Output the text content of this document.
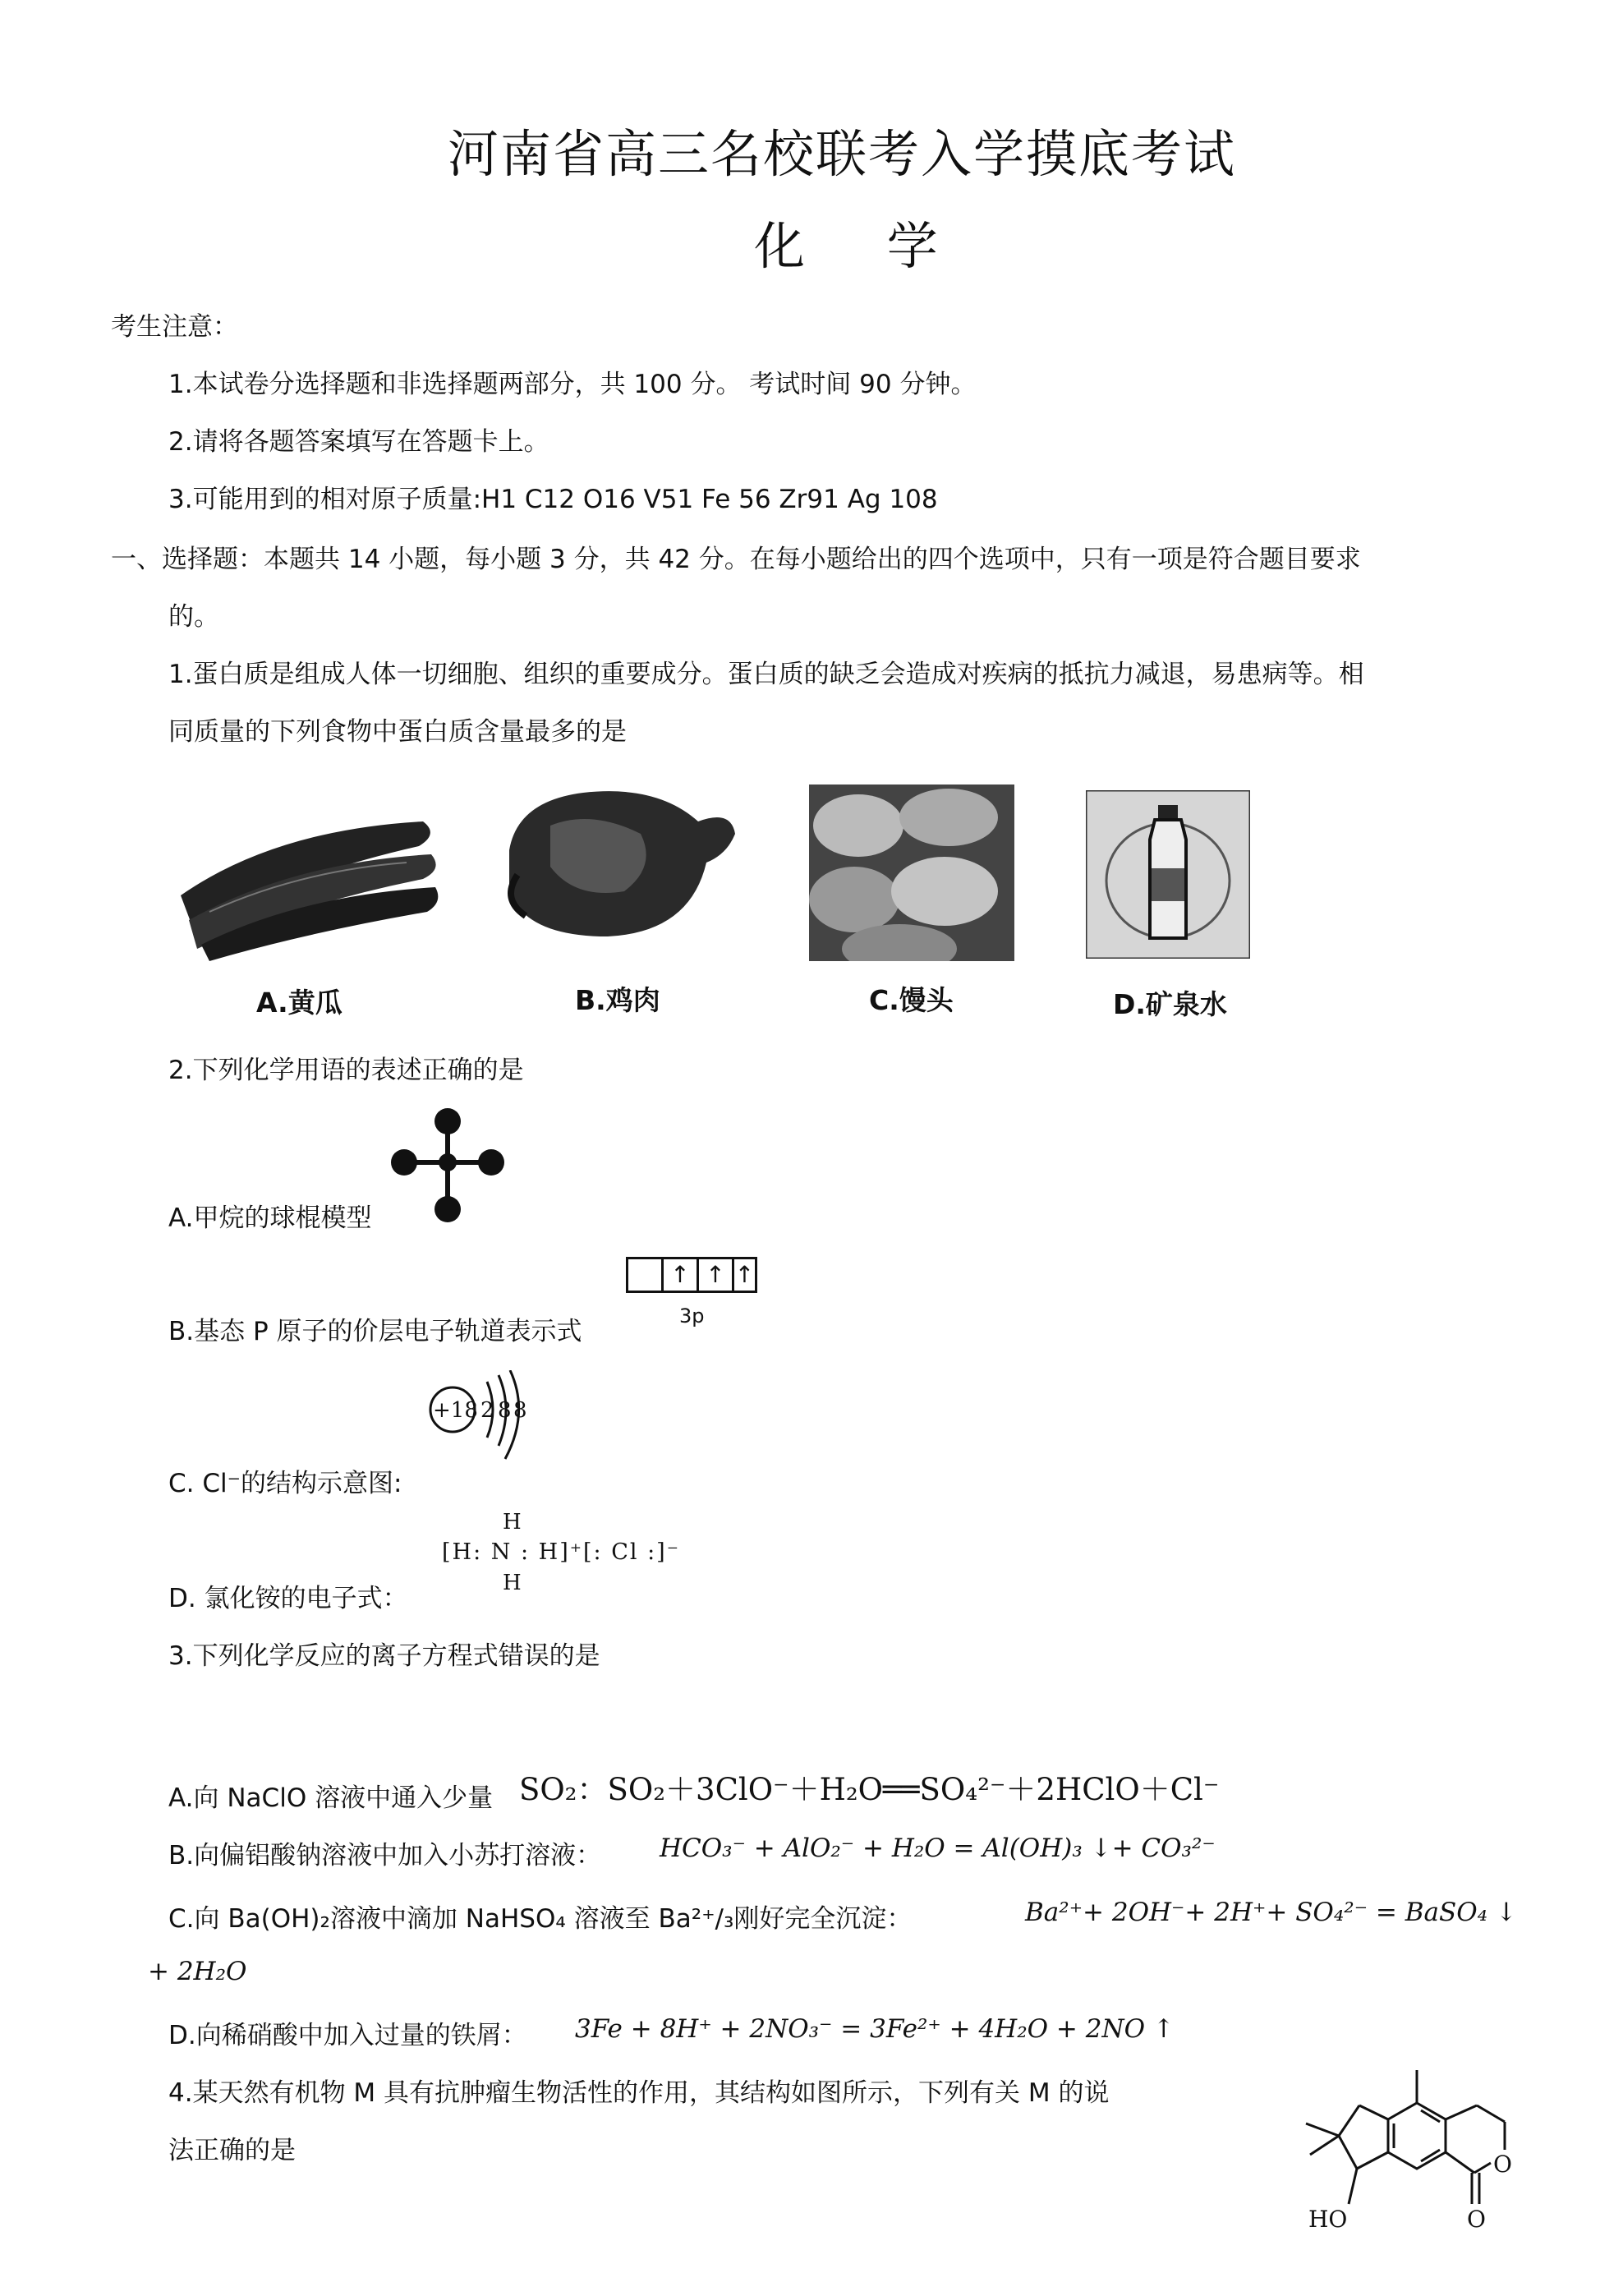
河南省高三名校联考入学摸底考试
化 学
考生注意：
1.本试卷分选择题和非选择题两部分，共 100 分。 考试时间 90 分钟。
2.请将各题答案填写在答题卡上。
3.可能用到的相对原子质量:H1 C12 O16 V51 Fe 56 Zr91 Ag 108
一、选择题：本题共 14 小题，每小题 3 分，共 42 分。在每小题给出的四个选项中，只有一项是符合题目要求
的。
1.蛋白质是组成人体一切细胞、组织的重要成分。蛋白质的缺乏会造成对疾病的抵抗力减退，易患病等。相
同质量的下列食物中蛋白质含量最多的是
A.黄瓜	B.鸡肉	C.馒头	D.矿泉水
2.下列化学用语的表述正确的是
A.甲烷的球棍模型
↑ ↑ ↑
3p
B.基态 P 原子的价层电子轨道表示式
+18 2 8 8
C. Cl⁻的结构示意图:
H
[H: N : H]⁺[: Cl :]⁻
H
D. 氯化铵的电子式：
3.下列化学反应的离子方程式错误的是
A.向 NaClO 溶液中通入少量 SO₂：SO₂＋3ClO⁻＋H₂O══SO₄²⁻＋2HClO＋Cl⁻
B.向偏铝酸钠溶液中加入小苏打溶液： HCO₃⁻ + AlO₂⁻ + H₂O = Al(OH)₃ ↓+ CO₃²⁻
C.向 Ba(OH)₂溶液中滴加 NaHSO₄ 溶液至 Ba²⁺/₃刚好完全沉淀：	Ba²⁺+ 2OH⁻+ 2H⁺+ SO₄²⁻ = BaSO₄ ↓
+ 2H₂O
D.向稀硝酸中加入过量的铁屑： 3Fe + 8H⁺ + 2NO₃⁻ = 3Fe²⁺ + 4H₂O + 2NO ↑
4.某天然有机物 M 具有抗肿瘤生物活性的作用，其结构如图所示，下列有关 M 的说
法正确的是
HO
O
O
